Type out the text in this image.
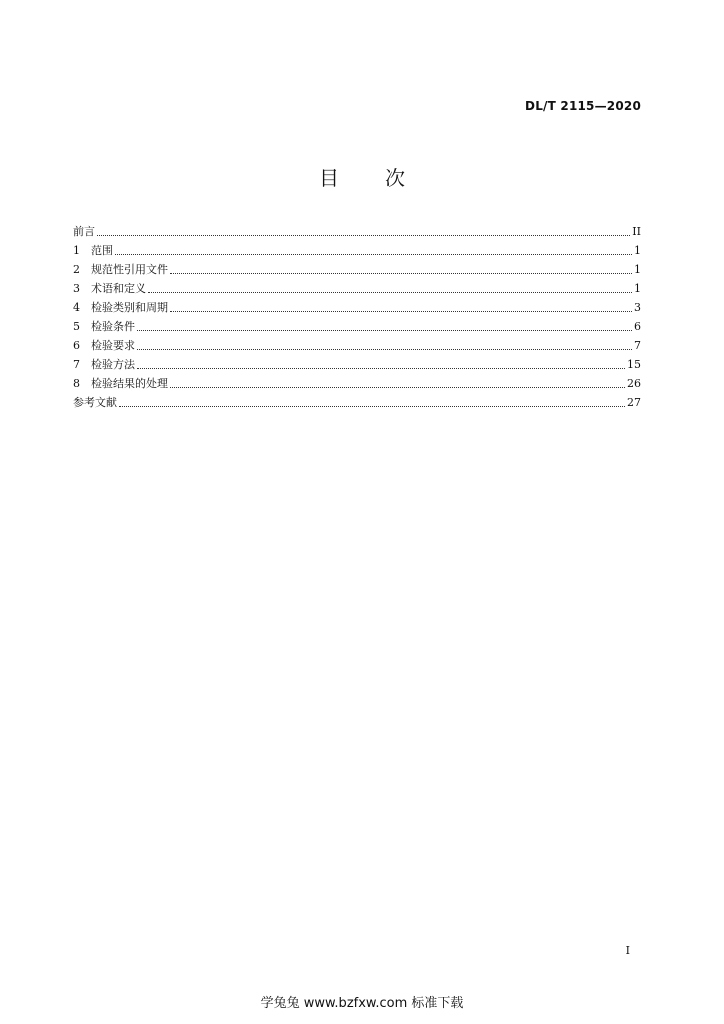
DL/T 2115—2020
目 次
前言	II
1	范围	1
2	规范性引用文件	1
3	术语和定义	1
4	检验类别和周期	3
5	检验条件	6
6	检验要求	7
7	检验方法	15
8	检验结果的处理	26
参考文献	27
I
学兔兔 www.bzfxw.com 标准下载
